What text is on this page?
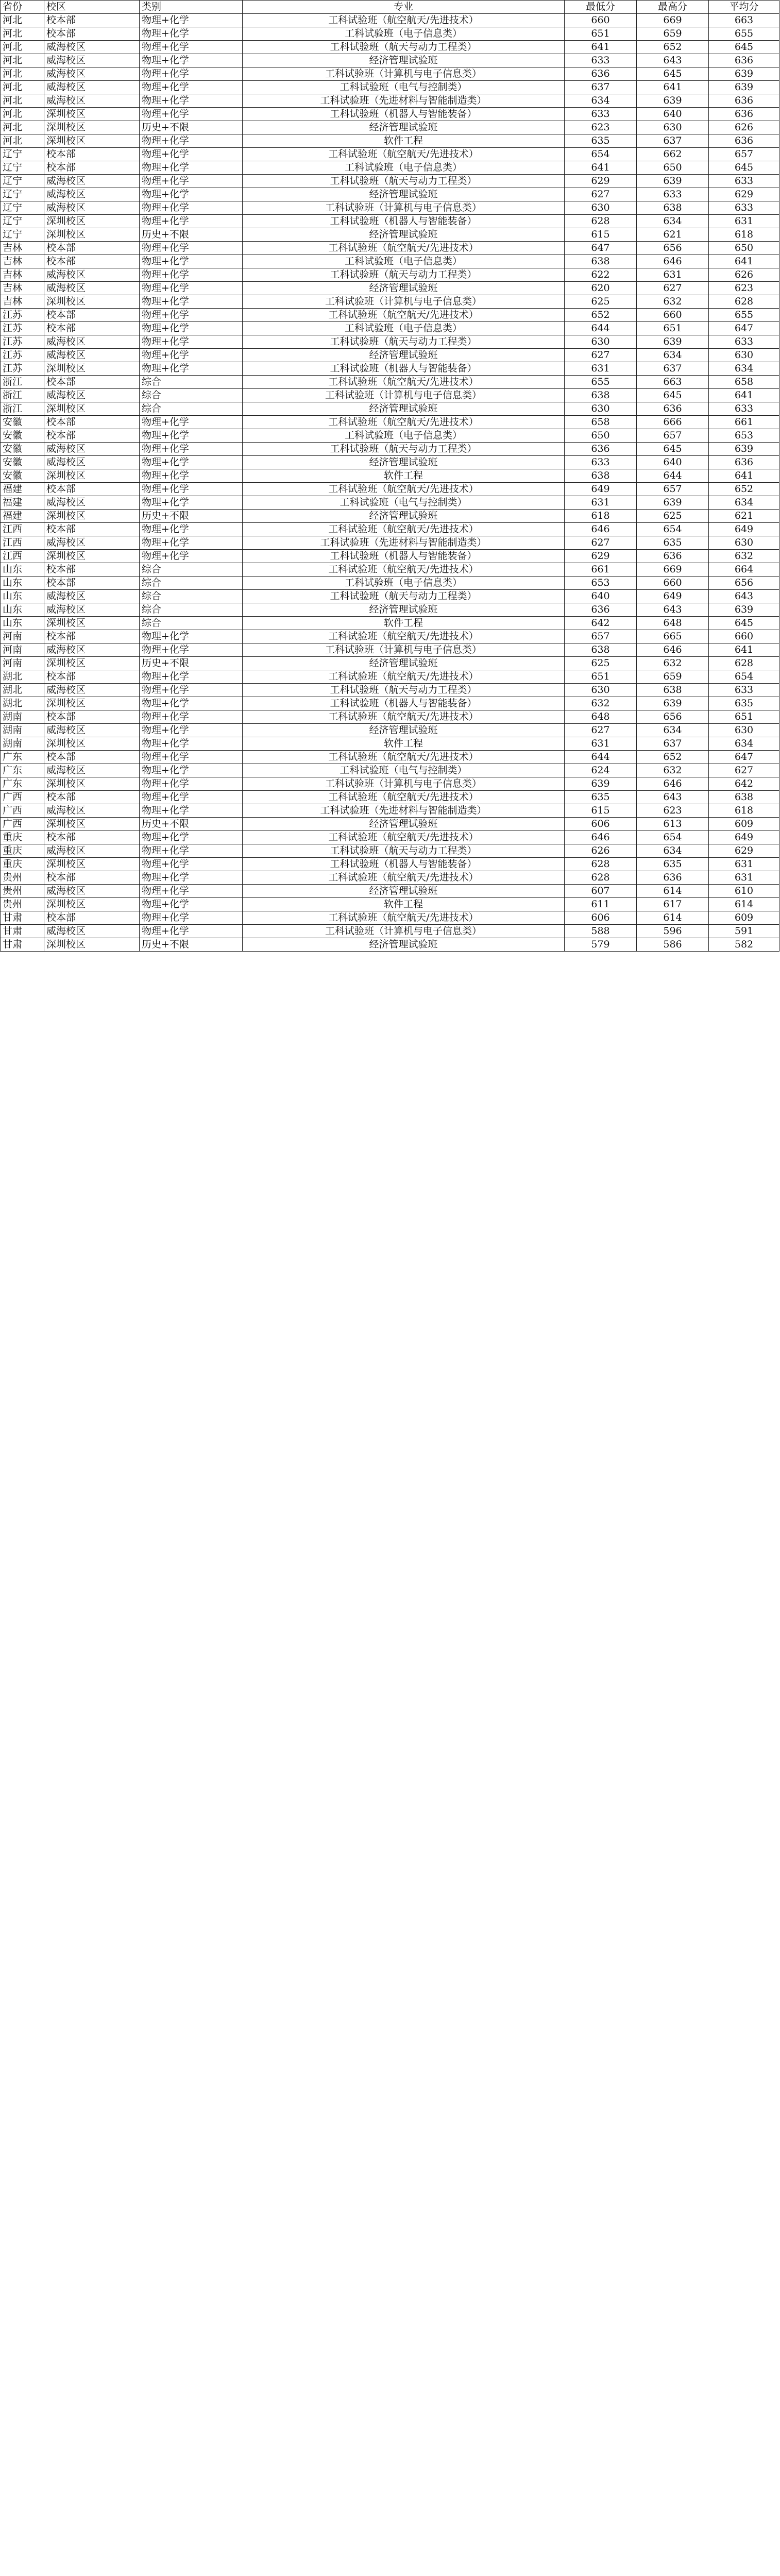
省份	校区	类别	专业	最低分	最高分	平均分
河北	校本部	物理+化学	工科试验班（航空航天/先进技术）	660	669	663
河北	校本部	物理+化学	工科试验班（电子信息类）	651	659	655
河北	威海校区	物理+化学	工科试验班（航天与动力工程类）	641	652	645
河北	威海校区	物理+化学	经济管理试验班	633	643	636
河北	威海校区	物理+化学	工科试验班（计算机与电子信息类）	636	645	639
河北	威海校区	物理+化学	工科试验班（电气与控制类）	637	641	639
河北	威海校区	物理+化学	工科试验班（先进材料与智能制造类）	634	639	636
河北	深圳校区	物理+化学	工科试验班（机器人与智能装备）	633	640	636
河北	深圳校区	历史+不限	经济管理试验班	623	630	626
河北	深圳校区	物理+化学	软件工程	635	637	636
辽宁	校本部	物理+化学	工科试验班（航空航天/先进技术）	654	662	657
辽宁	校本部	物理+化学	工科试验班（电子信息类）	641	650	645
辽宁	威海校区	物理+化学	工科试验班（航天与动力工程类）	629	639	633
辽宁	威海校区	物理+化学	经济管理试验班	627	633	629
辽宁	威海校区	物理+化学	工科试验班（计算机与电子信息类）	630	638	633
辽宁	深圳校区	物理+化学	工科试验班（机器人与智能装备）	628	634	631
辽宁	深圳校区	历史+不限	经济管理试验班	615	621	618
吉林	校本部	物理+化学	工科试验班（航空航天/先进技术）	647	656	650
吉林	校本部	物理+化学	工科试验班（电子信息类）	638	646	641
吉林	威海校区	物理+化学	工科试验班（航天与动力工程类）	622	631	626
吉林	威海校区	物理+化学	经济管理试验班	620	627	623
吉林	深圳校区	物理+化学	工科试验班（计算机与电子信息类）	625	632	628
江苏	校本部	物理+化学	工科试验班（航空航天/先进技术）	652	660	655
江苏	校本部	物理+化学	工科试验班（电子信息类）	644	651	647
江苏	威海校区	物理+化学	工科试验班（航天与动力工程类）	630	639	633
江苏	威海校区	物理+化学	经济管理试验班	627	634	630
江苏	深圳校区	物理+化学	工科试验班（机器人与智能装备）	631	637	634
浙江	校本部	综合	工科试验班（航空航天/先进技术）	655	663	658
浙江	威海校区	综合	工科试验班（计算机与电子信息类）	638	645	641
浙江	深圳校区	综合	经济管理试验班	630	636	633
安徽	校本部	物理+化学	工科试验班（航空航天/先进技术）	658	666	661
安徽	校本部	物理+化学	工科试验班（电子信息类）	650	657	653
安徽	威海校区	物理+化学	工科试验班（航天与动力工程类）	636	645	639
安徽	威海校区	物理+化学	经济管理试验班	633	640	636
安徽	深圳校区	物理+化学	软件工程	638	644	641
福建	校本部	物理+化学	工科试验班（航空航天/先进技术）	649	657	652
福建	威海校区	物理+化学	工科试验班（电气与控制类）	631	639	634
福建	深圳校区	历史+不限	经济管理试验班	618	625	621
江西	校本部	物理+化学	工科试验班（航空航天/先进技术）	646	654	649
江西	威海校区	物理+化学	工科试验班（先进材料与智能制造类）	627	635	630
江西	深圳校区	物理+化学	工科试验班（机器人与智能装备）	629	636	632
山东	校本部	综合	工科试验班（航空航天/先进技术）	661	669	664
山东	校本部	综合	工科试验班（电子信息类）	653	660	656
山东	威海校区	综合	工科试验班（航天与动力工程类）	640	649	643
山东	威海校区	综合	经济管理试验班	636	643	639
山东	深圳校区	综合	软件工程	642	648	645
河南	校本部	物理+化学	工科试验班（航空航天/先进技术）	657	665	660
河南	威海校区	物理+化学	工科试验班（计算机与电子信息类）	638	646	641
河南	深圳校区	历史+不限	经济管理试验班	625	632	628
湖北	校本部	物理+化学	工科试验班（航空航天/先进技术）	651	659	654
湖北	威海校区	物理+化学	工科试验班（航天与动力工程类）	630	638	633
湖北	深圳校区	物理+化学	工科试验班（机器人与智能装备）	632	639	635
湖南	校本部	物理+化学	工科试验班（航空航天/先进技术）	648	656	651
湖南	威海校区	物理+化学	经济管理试验班	627	634	630
湖南	深圳校区	物理+化学	软件工程	631	637	634
广东	校本部	物理+化学	工科试验班（航空航天/先进技术）	644	652	647
广东	威海校区	物理+化学	工科试验班（电气与控制类）	624	632	627
广东	深圳校区	物理+化学	工科试验班（计算机与电子信息类）	639	646	642
广西	校本部	物理+化学	工科试验班（航空航天/先进技术）	635	643	638
广西	威海校区	物理+化学	工科试验班（先进材料与智能制造类）	615	623	618
广西	深圳校区	历史+不限	经济管理试验班	606	613	609
重庆	校本部	物理+化学	工科试验班（航空航天/先进技术）	646	654	649
重庆	威海校区	物理+化学	工科试验班（航天与动力工程类）	626	634	629
重庆	深圳校区	物理+化学	工科试验班（机器人与智能装备）	628	635	631
贵州	校本部	物理+化学	工科试验班（航空航天/先进技术）	628	636	631
贵州	威海校区	物理+化学	经济管理试验班	607	614	610
贵州	深圳校区	物理+化学	软件工程	611	617	614
甘肃	校本部	物理+化学	工科试验班（航空航天/先进技术）	606	614	609
甘肃	威海校区	物理+化学	工科试验班（计算机与电子信息类）	588	596	591
甘肃	深圳校区	历史+不限	经济管理试验班	579	586	582
